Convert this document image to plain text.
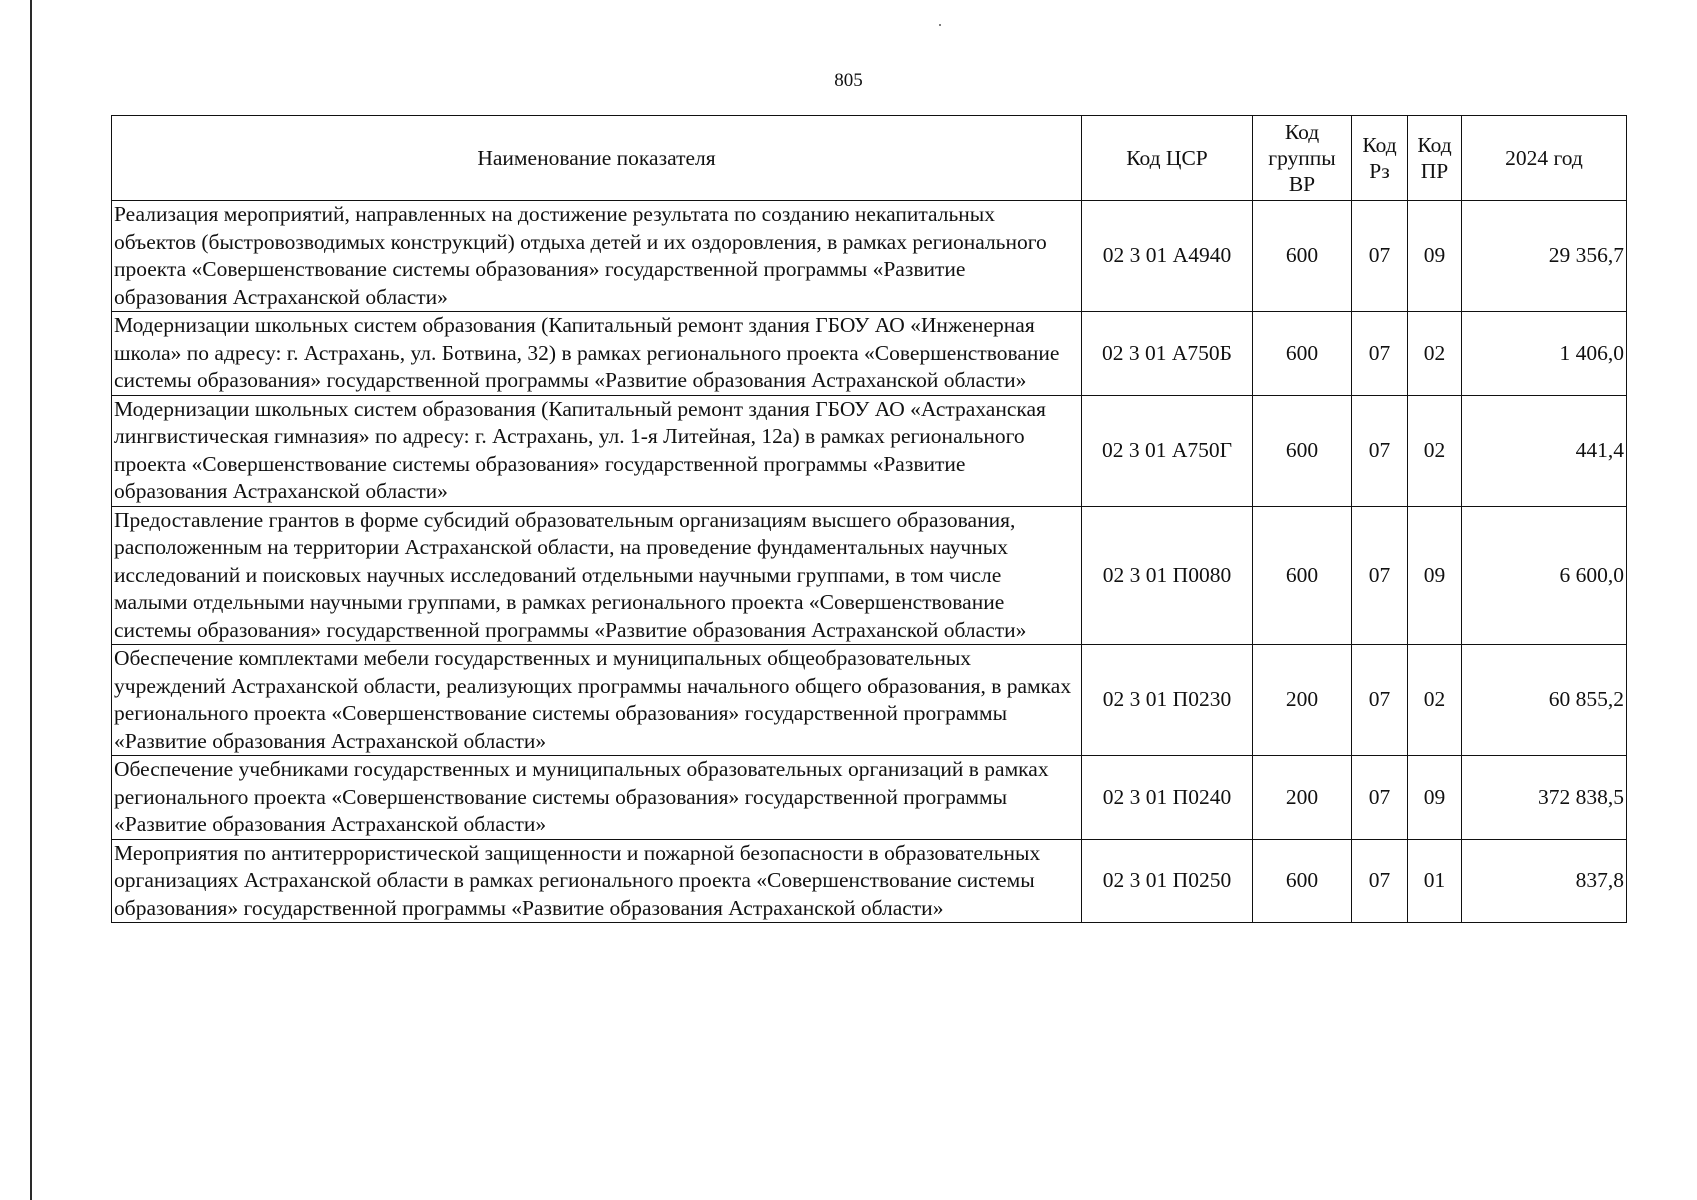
805
Наименование показателя	Код ЦСР	Код группы ВР	Код Рз	Код ПР	2024 год
Реализация мероприятий, направленных на достижение результата по созданию некапитальных объектов (быстровозводимых конструкций) отдыха детей и их оздоровления, в рамках регионального проекта «Совершенствование системы образования» государственной программы «Развитие образования Астраханской области»	02 3 01 А4940	600	07	09	29 356,7
Модернизации школьных систем образования (Капитальный ремонт здания ГБОУ АО «Инженерная школа» по адресу: г. Астрахань, ул. Ботвина, 32) в рамках регионального проекта «Совершенствование системы образования» государственной программы «Развитие образования Астраханской области»	02 3 01 А750Б	600	07	02	1 406,0
Модернизации школьных систем образования (Капитальный ремонт здания ГБОУ АО «Астраханская лингвистическая гимназия» по адресу: г. Астрахань, ул. 1-я Литейная, 12а) в рамках регионального проекта «Совершенствование системы образования» государственной программы «Развитие образования Астраханской области»	02 3 01 А750Г	600	07	02	441,4
Предоставление грантов в форме субсидий образовательным организациям высшего образования, расположенным на территории Астраханской области, на проведение фундаментальных научных исследований и поисковых научных исследований отдельными научными группами, в том числе малыми отдельными научными группами, в рамках регионального проекта «Совершенствование системы образования» государственной программы «Развитие образования Астраханской области»	02 3 01 П0080	600	07	09	6 600,0
Обеспечение комплектами мебели государственных и муниципальных общеобразовательных учреждений Астраханской области, реализующих программы начального общего образования, в рамках регионального проекта «Совершенствование системы образования» государственной программы «Развитие образования Астраханской области»	02 3 01 П0230	200	07	02	60 855,2
Обеспечение учебниками государственных и муниципальных образовательных организаций в рамках регионального проекта «Совершенствование системы образования» государственной программы «Развитие образования Астраханской области»	02 3 01 П0240	200	07	09	372 838,5
Мероприятия по антитеррористической защищенности и пожарной безопасности в образовательных организациях Астраханской области в рамках регионального проекта «Совершенствование системы образования» государственной программы «Развитие образования Астраханской области»	02 3 01 П0250	600	07	01	837,8
